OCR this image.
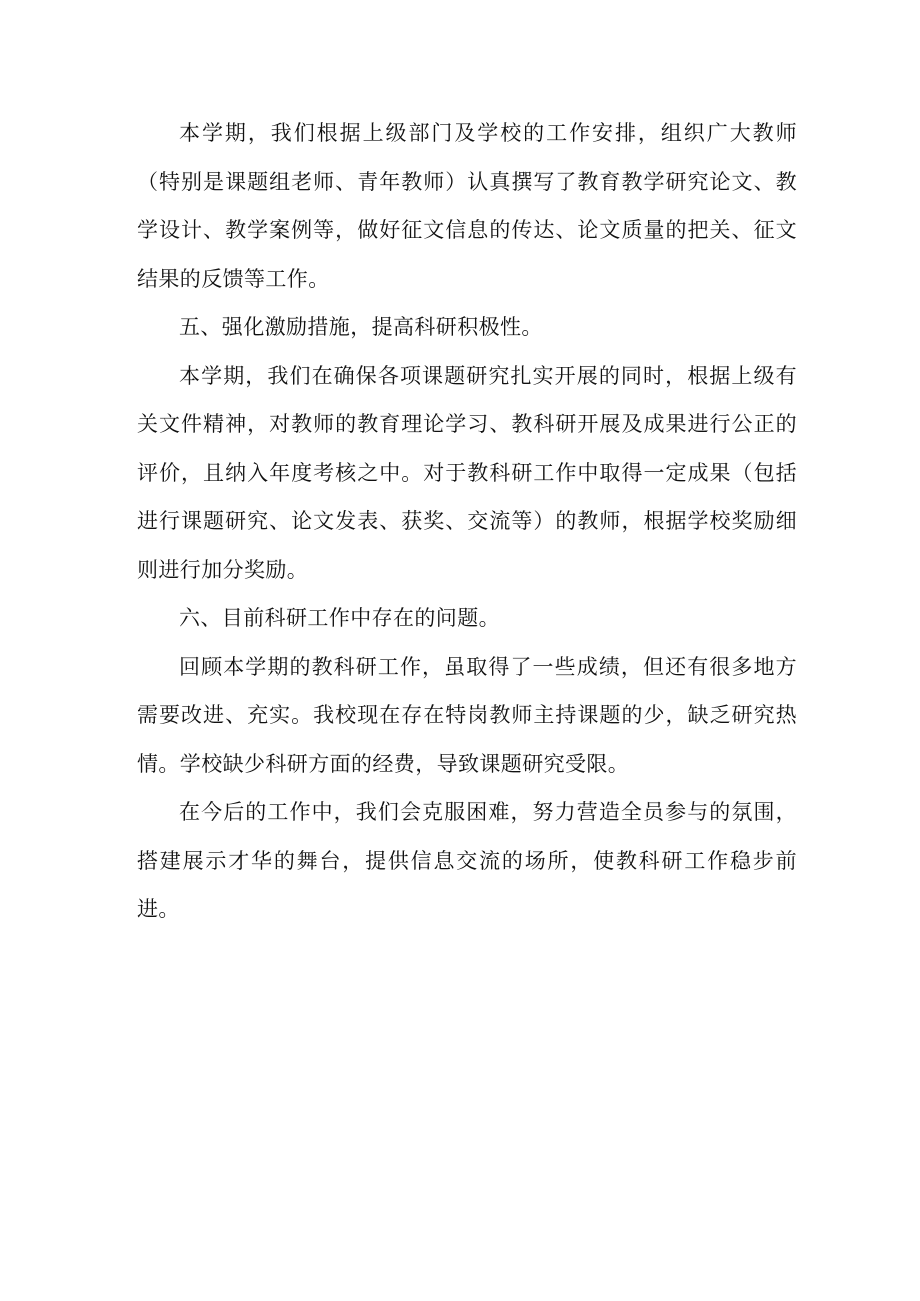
本学期，我们根据上级部门及学校的工作安排，组织广大教师（特别是课题组老师、青年教师）认真撰写了教育教学研究论文、教学设计、教学案例等，做好征文信息的传达、论文质量的把关、征文结果的反馈等工作。

五、强化激励措施，提高科研积极性。

本学期，我们在确保各项课题研究扎实开展的同时，根据上级有关文件精神，对教师的教育理论学习、教科研开展及成果进行公正的评价，且纳入年度考核之中。对于教科研工作中取得一定成果（包括进行课题研究、论文发表、获奖、交流等）的教师，根据学校奖励细则进行加分奖励。

六、目前科研工作中存在的问题。

回顾本学期的教科研工作，虽取得了一些成绩，但还有很多地方需要改进、充实。我校现在存在特岗教师主持课题的少，缺乏研究热情。学校缺少科研方面的经费，导致课题研究受限。

在今后的工作中，我们会克服困难，努力营造全员参与的氛围，搭建展示才华的舞台，提供信息交流的场所，使教科研工作稳步前进。
